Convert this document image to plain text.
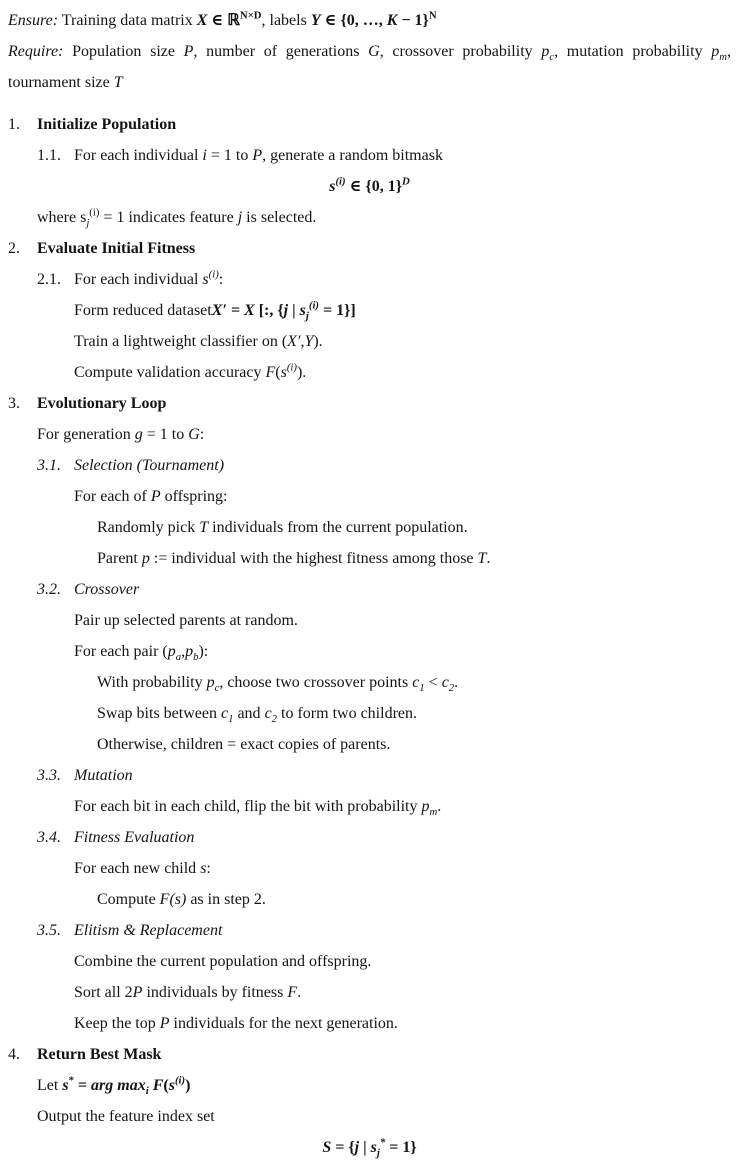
Ensure: Training data matrix X ∈ ℝ$^{N\times D}$, labels Y ∈ {0, …, K − 1}$^N$
Require: Population size P, number of generations G, crossover probability $p_c$, mutation probability $p_m$,
tournament size T
1. Initialize Population
1.1. For each individual i = 1 to P, generate a random bitmask
$s^{(i)}$ ∈ {0, 1}$^D$
where $s_j^{(i)} = 1$ indicates feature j is selected.
2. Evaluate Initial Fitness
2.1. For each individual $s^{(i)}$:
Form reduced datasetX′ = X [:, {j | $s_j^{(i)} = 1$}]
Train a lightweight classifier on (X′,Y).
Compute validation accuracy $F(s^{(i)})$.
3. Evolutionary Loop
For generation g = 1 to G:
3.1. Selection (Tournament)
For each of P offspring:
Randomly pick T individuals from the current population.
Parent p := individual with the highest fitness among those T.
3.2. Crossover
Pair up selected parents at random.
For each pair $(p_a,p_b)$:
With probability $p_c$, choose two crossover points $c_1 < c_2$.
Swap bits between $c_1$ and $c_2$ to form two children.
Otherwise, children = exact copies of parents.
3.3. Mutation
For each bit in each child, flip the bit with probability $p_m$.
3.4. Fitness Evaluation
For each new child s:
Compute F(s) as in step 2.
3.5. Elitism & Replacement
Combine the current population and offspring.
Sort all 2P individuals by fitness F.
Keep the top P individuals for the next generation.
4. Return Best Mask
Let s* = arg $\max_i F(s^{(i)})$
Output the feature index set
S = {j | $s_j^* = 1$}
